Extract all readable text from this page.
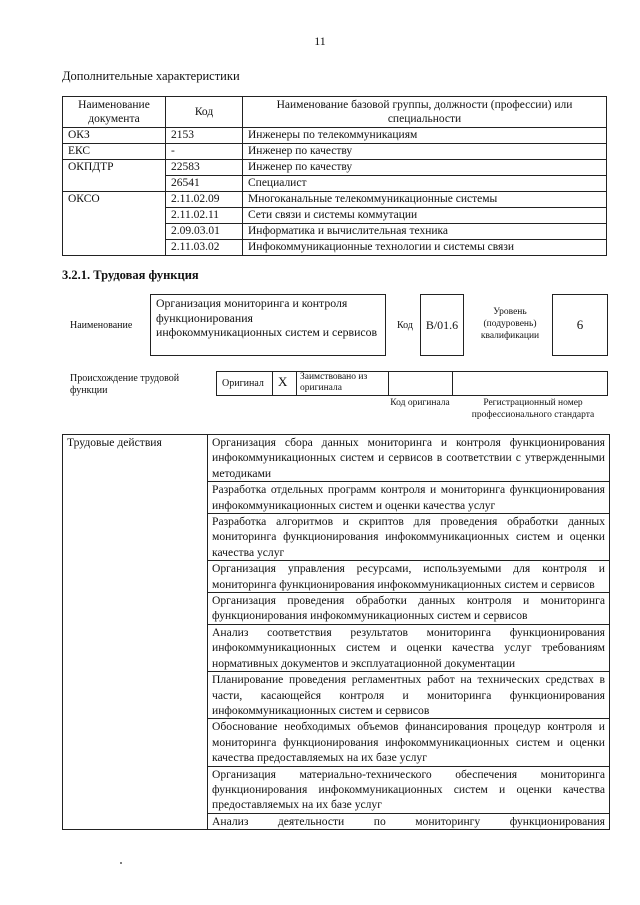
11
Дополнительные характеристики
Наименование документа	Код	Наименование базовой группы, должности (профессии) или специальности
ОКЗ	2153	Инженеры по телекоммуникациям
ЕКС	-	Инженер по качеству
ОКПДТР	22583	Инженер по качеству
	26541	Специалист
ОКСО	2.11.02.09	Многоканальные телекоммуникационные системы
	2.11.02.11	Сети связи и системы коммутации
	2.09.03.01	Информатика и вычислительная техника
	2.11.03.02	Инфокоммуникационные технологии и системы связи
3.2.1. Трудовая функция
Наименование
Организация мониторинга и контроля функционирования инфокоммуникационных систем и сервисов	Код B/01.6
Уровень (подуровень) квалификации
6
Происхождение трудовой функции
Оригинал X Заимствовано из оригинала
Код оригинала	Регистрационный номер профессионального стандарта
Трудовые действия	Организация сбора данных мониторинга и контроля функционирования инфокоммуникационных систем и сервисов в соответствии с утвержденными методиками
Разработка отдельных программ контроля и мониторинга функционирования инфокоммуникационных систем и оценки качества услуг
Разработка алгоритмов и скриптов для проведения обработки данных мониторинга функционирования инфокоммуникационных систем и оценки качества услуг
Организация управления ресурсами, используемыми для контроля и мониторинга функционирования инфокоммуникационных систем и сервисов
Организация проведения обработки данных контроля и мониторинга функционирования инфокоммуникационных систем и сервисов
Анализ соответствия результатов мониторинга функционирования инфокоммуникационных систем и оценки качества услуг требованиям нормативных документов и эксплуатационной документации
Планирование проведения регламентных работ на технических средствах в части, касающейся контроля и мониторинга функционирования инфокоммуникационных систем и сервисов
Обоснование необходимых объемов финансирования процедур контроля и мониторинга функционирования инфокоммуникационных систем и оценки качества предоставляемых на их базе услуг
Организация материально-технического обеспечения мониторинга функционирования инфокоммуникационных систем и оценки качества предоставляемых на их базе услуг
Анализ деятельности по мониторингу функционирования
